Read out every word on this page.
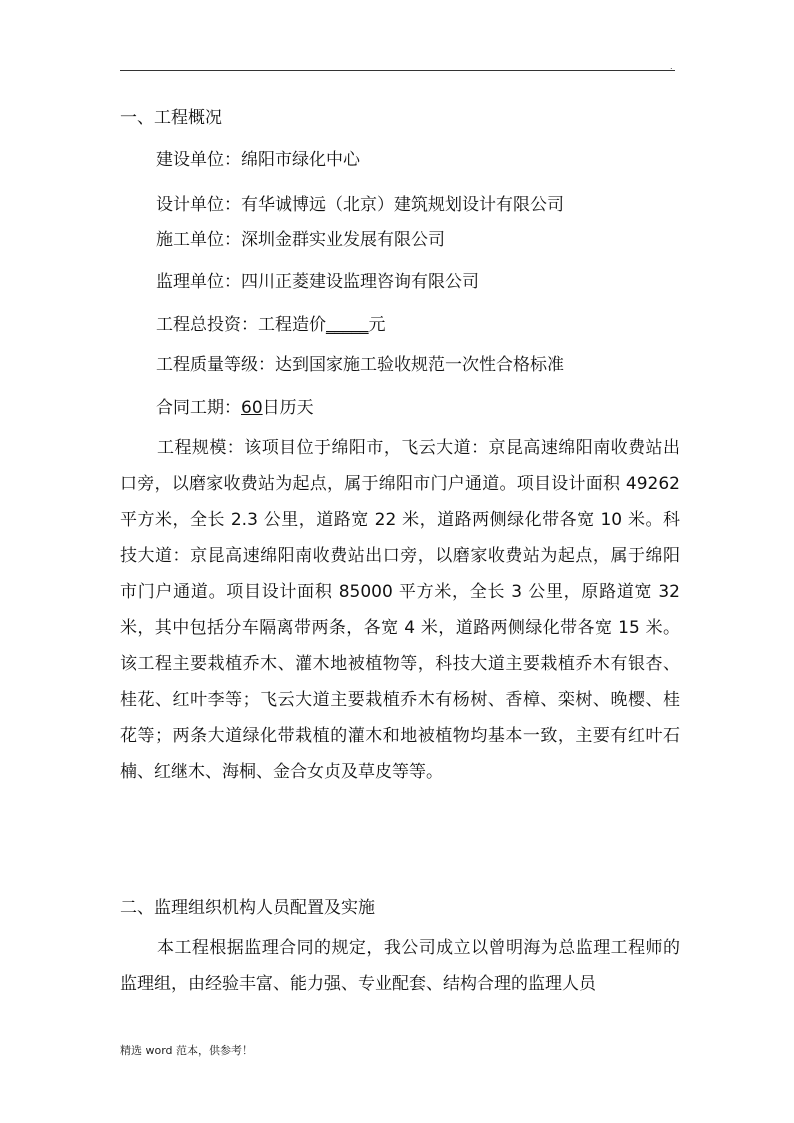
.
一、工程概况
建设单位：绵阳市绿化中心
设计单位：有华诚博远（北京）建筑规划设计有限公司
施工单位：深圳金群实业发展有限公司
监理单位：四川正菱建设监理咨询有限公司
工程总投资：工程造价_____元
工程质量等级：达到国家施工验收规范一次性合格标准
合同工期：60日历天
工程规模：该项目位于绵阳市，飞云大道：京昆高速绵阳南收费站出口旁，以磨家收费站为起点，属于绵阳市门户通道。项目设计面积 49262 平方米，全长 2.3 公里，道路宽 22 米，道路两侧绿化带各宽 10 米。科技大道：京昆高速绵阳南收费站出口旁，以磨家收费站为起点，属于绵阳市门户通道。项目设计面积 85000 平方米，全长 3 公里，原路道宽 32 米，其中包括分车隔离带两条，各宽 4 米，道路两侧绿化带各宽 15 米。该工程主要栽植乔木、灌木地被植物等，科技大道主要栽植乔木有银杏、桂花、红叶李等；飞云大道主要栽植乔木有杨树、香樟、栾树、晚樱、桂花等；两条大道绿化带栽植的灌木和地被植物均基本一致，主要有红叶石楠、红继木、海桐、金合女贞及草皮等等。
二、监理组织机构人员配置及实施
本工程根据监理合同的规定，我公司成立以曾明海为总监理工程师的监理组，由经验丰富、能力强、专业配套、结构合理的监理人员
精选 word 范本，供参考！
